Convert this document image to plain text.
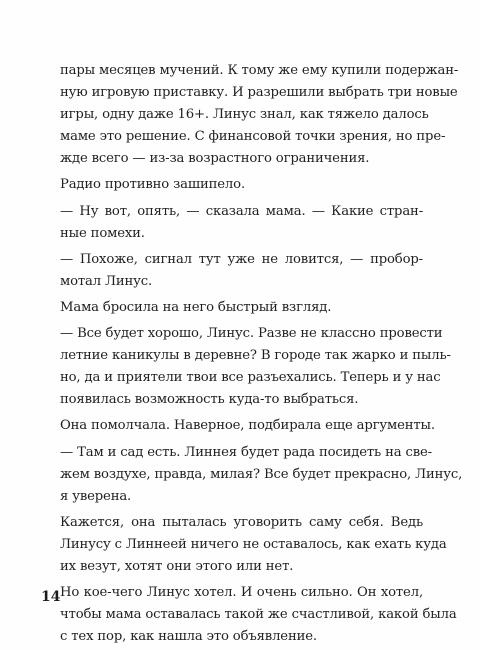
пары месяцев мучений. К тому же ему купили подержан-
ную игровую приставку. И разрешили выбрать три новые
игры, одну даже 16+. Линус знал, как тяжело далось
маме это решение. С финансовой точки зрения, но пре-
жде всего — из-за возрастного ограничения.
Радио противно зашипело.
— Ну вот, опять, — сказала мама. — Какие стран-
ные помехи.
— Похоже, сигнал тут уже не ловится, — пробор-
мотал Линус.
Мама бросила на него быстрый взгляд.
— Все будет хорошо, Линус. Разве не классно провести
летние каникулы в деревне? В городе так жарко и пыль-
но, да и приятели твои все разъехались. Теперь и у нас
появилась возможность куда-то выбраться.
Она помолчала. Наверное, подбирала еще аргументы.
— Там и сад есть. Линнея будет рада посидеть на све-
жем воздухе, правда, милая? Все будет прекрасно, Линус,
я уверена.
Кажется, она пыталась уговорить саму себя. Ведь
Линусу с Линнеей ничего не оставалось, как ехать куда
их везут, хотят они этого или нет.
Но кое-чего Линус хотел. И очень сильно. Он хотел,
чтобы мама оставалась такой же счастливой, какой была
с тех пор, как нашла это объявление.
14
